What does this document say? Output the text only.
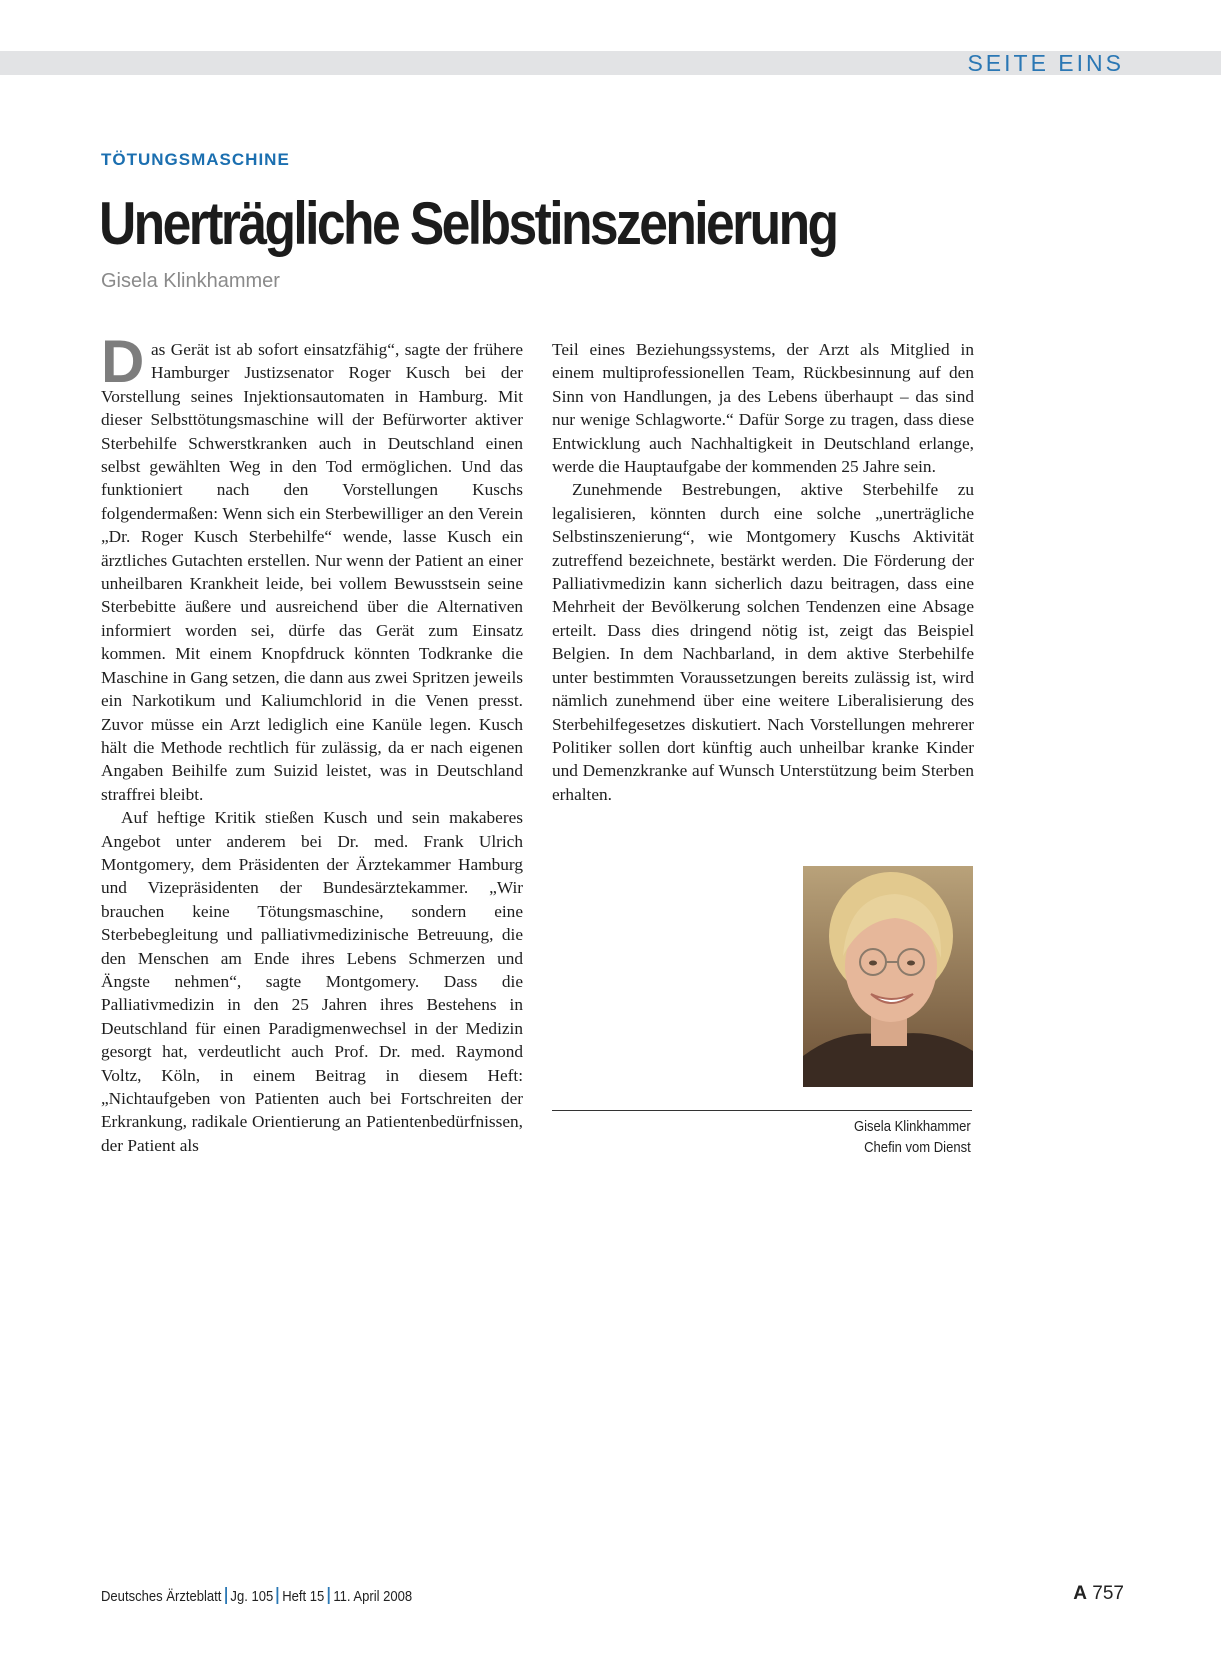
SEITE EINS
TÖTUNGSMASCHINE
Unerträgliche Selbstinszenierung
Gisela Klinkhammer

Das Gerät ist ab sofort einsatzfähig“, sagte der frühere Hamburger Justizsenator Roger Kusch bei der Vorstellung seines Injektionsautomaten in Hamburg. Mit dieser Selbsttötungsmaschine will der Befürworter aktiver Sterbehilfe Schwerstkranken auch in Deutschland einen selbst gewählten Weg in den Tod ermöglichen. Und das funktioniert nach den Vorstellungen Kuschs folgendermaßen: Wenn sich ein Sterbewilliger an den Verein „Dr. Roger Kusch Sterbehilfe“ wende, lasse Kusch ein ärztliches Gutachten erstellen. Nur wenn der Patient an einer unheilbaren Krankheit leide, bei vollem Bewusstsein seine Sterbebitte äußere und ausreichend über die Alternativen informiert worden sei, dürfe das Gerät zum Einsatz kommen. Mit einem Knopfdruck könnten Todkranke die Maschine in Gang setzen, die dann aus zwei Spritzen jeweils ein Narkotikum und Kaliumchlorid in die Venen presst. Zuvor müsse ein Arzt lediglich eine Kanüle legen. Kusch hält die Methode rechtlich für zulässig, da er nach eigenen Angaben Beihilfe zum Suizid leistet, was in Deutschland straffrei bleibt.

Auf heftige Kritik stießen Kusch und sein makaberes Angebot unter anderem bei Dr. med. Frank Ulrich Montgomery, dem Präsidenten der Ärztekammer Hamburg und Vizepräsidenten der Bundesärztekammer. „Wir brauchen keine Tötungsmaschine, sondern eine Sterbebegleitung und palliativmedizinische Betreuung, die den Menschen am Ende ihres Lebens Schmerzen und Ängste nehmen“, sagte Montgomery. Dass die Palliativmedizin in den 25 Jahren ihres Bestehens in Deutschland für einen Paradigmenwechsel in der Medizin gesorgt hat, verdeutlicht auch Prof. Dr. med. Raymond Voltz, Köln, in einem Beitrag in diesem Heft: „Nichtaufgeben von Patienten auch bei Fortschreiten der Erkrankung, radikale Orientierung an Patientenbedürfnissen, der Patient als

Teil eines Beziehungssystems, der Arzt als Mitglied in einem multiprofessionellen Team, Rückbesinnung auf den Sinn von Handlungen, ja des Lebens überhaupt – das sind nur wenige Schlagworte.“ Dafür Sorge zu tragen, dass diese Entwicklung auch Nachhaltigkeit in Deutschland erlange, werde die Hauptaufgabe der kommenden 25 Jahre sein.

Zunehmende Bestrebungen, aktive Sterbehilfe zu legalisieren, könnten durch eine solche „unerträgliche Selbstinszenierung“, wie Montgomery Kuschs Aktivität zutreffend bezeichnete, bestärkt werden. Die Förderung der Palliativmedizin kann sicherlich dazu beitragen, dass eine Mehrheit der Bevölkerung solchen Tendenzen eine Absage erteilt. Dass dies dringend nötig ist, zeigt das Beispiel Belgien. In dem Nachbarland, in dem aktive Sterbehilfe unter bestimmten Voraussetzungen bereits zulässig ist, wird nämlich zunehmend über eine weitere Liberalisierung des Sterbehilfegesetzes diskutiert. Nach Vorstellungen mehrerer Politiker sollen dort künftig auch unheilbar kranke Kinder und Demenzkranke auf Wunsch Unterstützung beim Sterben erhalten.

Gisela Klinkhammer
Chefin vom Dienst
Deutsches Ärzteblatt Jg. 105 Heft 15 11. April 2008	A 757
